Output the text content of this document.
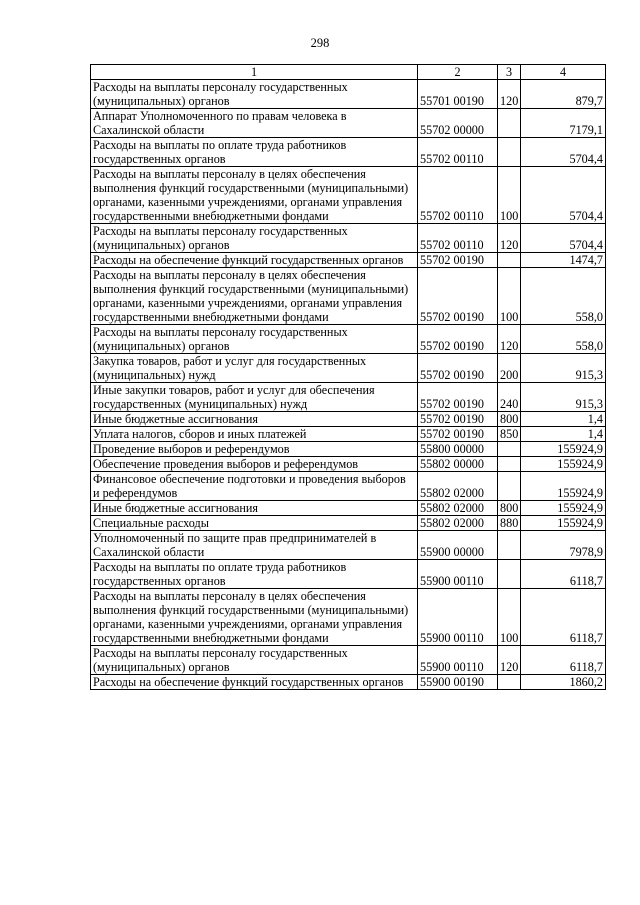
298
1	2	3	4
Расходы на выплаты персоналу государственных (муниципальных) органов	55701 00190	120	879,7
Аппарат Уполномоченного по правам человека в Сахалинской области	55702 00000		7179,1
Расходы на выплаты по оплате труда работников государственных органов	55702 00110		5704,4
Расходы на выплаты персоналу в целях обеспечения выполнения функций государственными (муниципальными) органами, казенными учреждениями, органами управления государственными внебюджетными фондами	55702 00110	100	5704,4
Расходы на выплаты персоналу государственных (муниципальных) органов	55702 00110	120	5704,4
Расходы на обеспечение функций государственных органов	55702 00190		1474,7
Расходы на выплаты персоналу в целях обеспечения выполнения функций государственными (муниципальными) органами, казенными учреждениями, органами управления государственными внебюджетными фондами	55702 00190	100	558,0
Расходы на выплаты персоналу государственных (муниципальных) органов	55702 00190	120	558,0
Закупка товаров, работ и услуг для государственных (муниципальных) нужд	55702 00190	200	915,3
Иные закупки товаров, работ и услуг для обеспечения государственных (муниципальных) нужд	55702 00190	240	915,3
Иные бюджетные ассигнования	55702 00190	800	1,4
Уплата налогов, сборов и иных платежей	55702 00190	850	1,4
Проведение выборов и референдумов	55800 00000		155924,9
Обеспечение проведения выборов и референдумов	55802 00000		155924,9
Финансовое обеспечение подготовки и проведения выборов и референдумов	55802 02000		155924,9
Иные бюджетные ассигнования	55802 02000	800	155924,9
Специальные расходы	55802 02000	880	155924,9
Уполномоченный по защите прав предпринимателей в Сахалинской области	55900 00000		7978,9
Расходы на выплаты по оплате труда работников государственных органов	55900 00110		6118,7
Расходы на выплаты персоналу в целях обеспечения выполнения функций государственными (муниципальными) органами, казенными учреждениями, органами управления государственными внебюджетными фондами	55900 00110	100	6118,7
Расходы на выплаты персоналу государственных (муниципальных) органов	55900 00110	120	6118,7
Расходы на обеспечение функций государственных органов	55900 00190		1860,2
